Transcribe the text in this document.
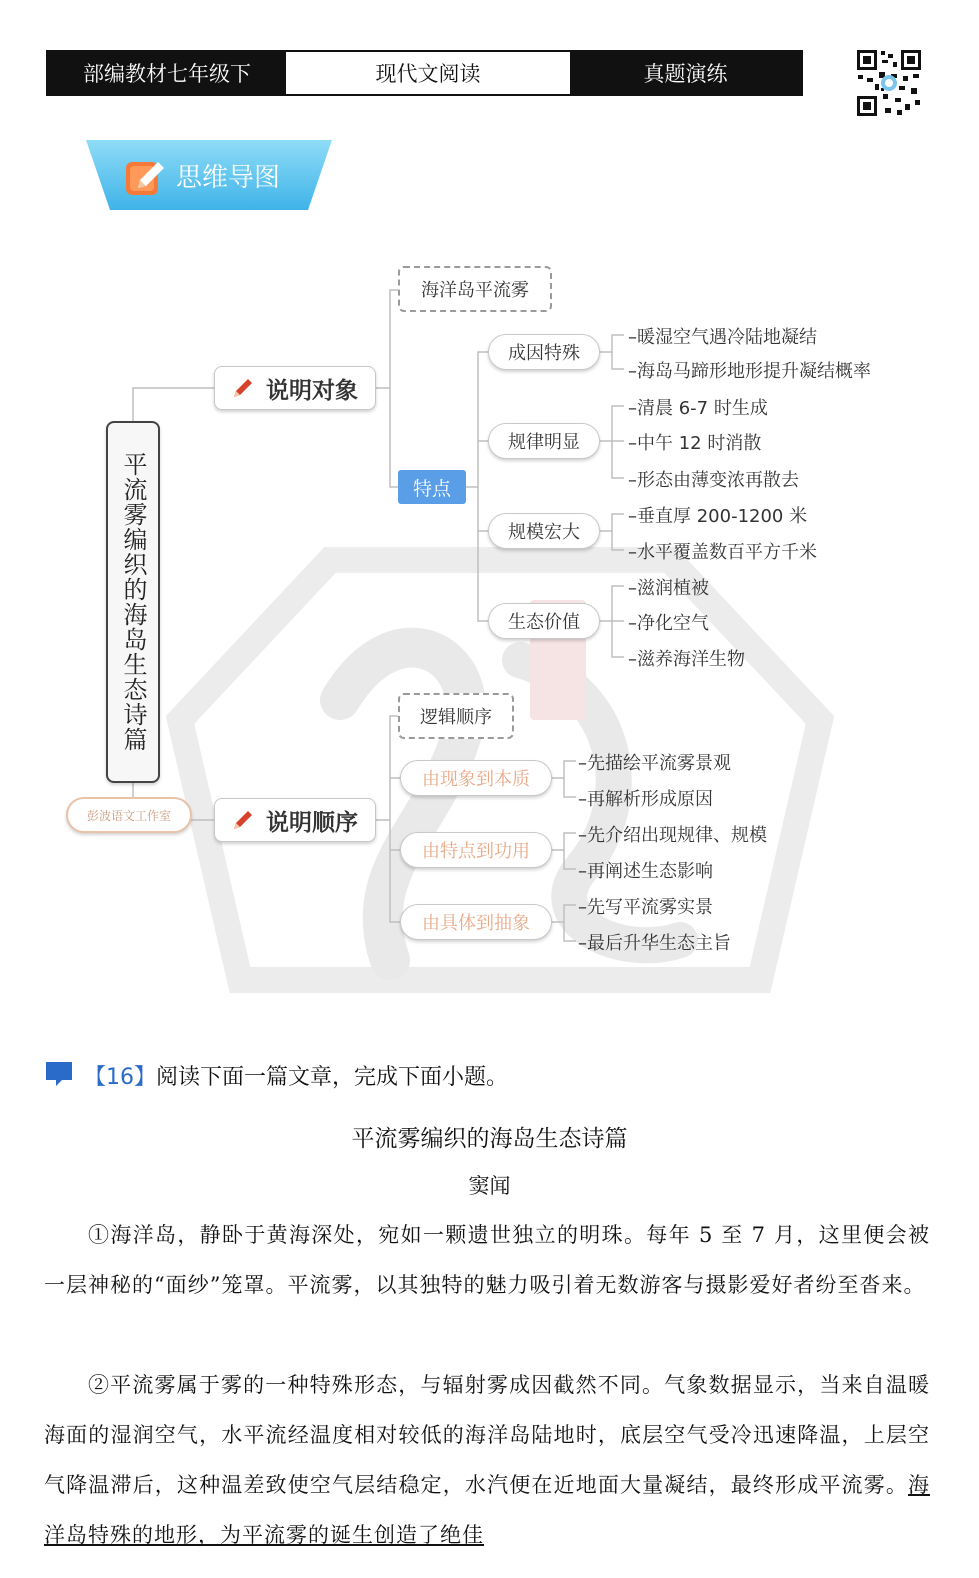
部编教材七年级下	现代文阅读	真题演练
思维导图
平流雾编织的海岛生态诗篇
彭波语文工作室
说明对象
海洋岛平流雾
特点
成因特殊
规律明显
规模宏大
生态价值
–暖湿空气遇冷陆地凝结
–海岛马蹄形地形提升凝结概率
–清晨 6-7 时生成
–中午 12 时消散
–形态由薄变浓再散去
–垂直厚 200-1200 米
–水平覆盖数百平方千米
–滋润植被
–净化空气
–滋养海洋生物
说明顺序
逻辑顺序
由现象到本质
由特点到功用
由具体到抽象
–先描绘平流雾景观
–再解析形成原因
–先介绍出现规律、规模
–再阐述生态影响
–先写平流雾实景
–最后升华生态主旨
【16】阅读下面一篇文章，完成下面小题。
平流雾编织的海岛生态诗篇
窦闻
①海洋岛，静卧于黄海深处，宛如一颗遗世独立的明珠。每年 5 至 7 月，这里便会被一层神秘的“面纱”笼罩。平流雾，以其独特的魅力吸引着无数游客与摄影爱好者纷至沓来。
②平流雾属于雾的一种特殊形态，与辐射雾成因截然不同。气象数据显示，当来自温暖海面的湿润空气，水平流经温度相对较低的海洋岛陆地时，底层空气受冷迅速降温，上层空气降温滞后，这种温差致使空气层结稳定，水汽便在近地面大量凝结，最终形成平流雾。海洋岛特殊的地形，为平流雾的诞生创造了绝佳
